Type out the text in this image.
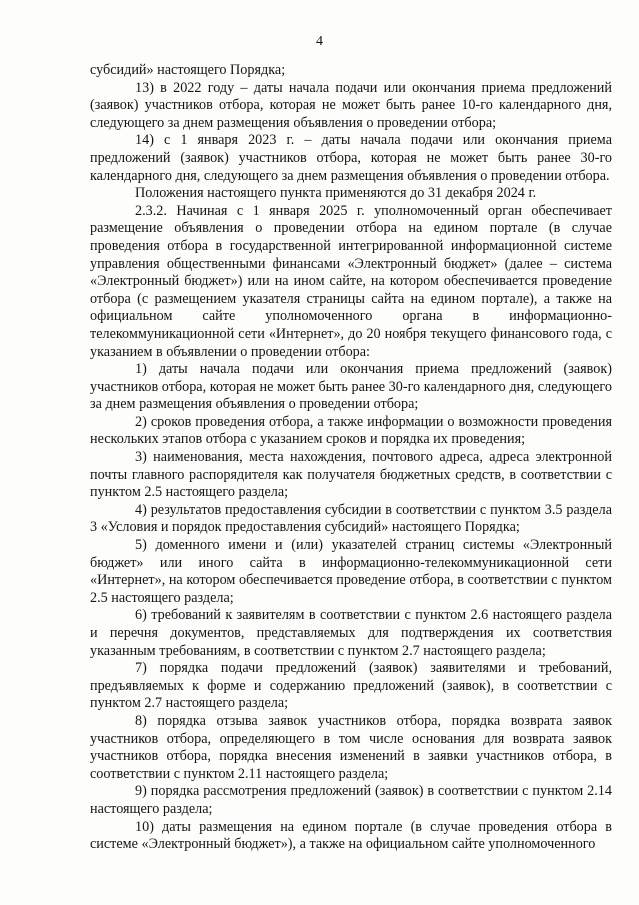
4

субсидий» настоящего Порядка;

13) в 2022 году – даты начала подачи или окончания приема предложений (заявок) участников отбора, которая не может быть ранее 10-го календарного дня, следующего за днем размещения объявления о проведении отбора;

14) с 1 января 2023 г. – даты начала подачи или окончания приема предложений (заявок) участников отбора, которая не может быть ранее 30-го календарного дня, следующего за днем размещения объявления о проведении отбора.

Положения настоящего пункта применяются до 31 декабря 2024 г.

2.3.2. Начиная с 1 января 2025 г. уполномоченный орган обеспечивает размещение объявления о проведении отбора на едином портале (в случае проведения отбора в государственной интегрированной информационной системе управления общественными финансами «Электронный бюджет» (далее – система «Электронный бюджет») или на ином сайте, на котором обеспечивается проведение отбора (с размещением указателя страницы сайта на едином портале), а также на официальном сайте уполномоченного органа в информационно-телекоммуникационной сети «Интернет», до 20 ноября текущего финансового года, с указанием в объявлении о проведении отбора:

1) даты начала подачи или окончания приема предложений (заявок) участников отбора, которая не может быть ранее 30-го календарного дня, следующего за днем размещения объявления о проведении отбора;

2) сроков проведения отбора, а также информации о возможности проведения нескольких этапов отбора с указанием сроков и порядка их проведения;

3) наименования, места нахождения, почтового адреса, адреса электронной почты главного распорядителя как получателя бюджетных средств, в соответствии с пунктом 2.5 настоящего раздела;

4) результатов предоставления субсидии в соответствии с пунктом 3.5 раздела 3 «Условия и порядок предоставления субсидий» настоящего Порядка;

5) доменного имени и (или) указателей страниц системы «Электронный бюджет» или иного сайта в информационно-телекоммуникационной сети «Интернет», на котором обеспечивается проведение отбора, в соответствии с пунктом 2.5 настоящего раздела;

6) требований к заявителям в соответствии с пунктом 2.6 настоящего раздела и перечня документов, представляемых для подтверждения их соответствия указанным требованиям, в соответствии с пунктом 2.7 настоящего раздела;

7) порядка подачи предложений (заявок) заявителями и требований, предъявляемых к форме и содержанию предложений (заявок), в соответствии с пунктом 2.7 настоящего раздела;

8) порядка отзыва заявок участников отбора, порядка возврата заявок участников отбора, определяющего в том числе основания для возврата заявок участников отбора, порядка внесения изменений в заявки участников отбора, в соответствии с пунктом 2.11 настоящего раздела;

9) порядка рассмотрения предложений (заявок) в соответствии с пунктом 2.14 настоящего раздела;

10) даты размещения на едином портале (в случае проведения отбора в системе «Электронный бюджет»), а также на официальном сайте уполномоченного
